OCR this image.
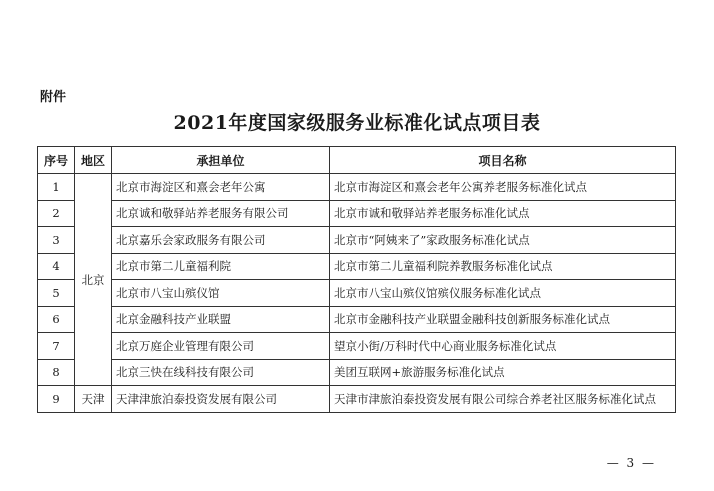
附件
2021年度国家级服务业标准化试点项目表
序号	地区	承担单位	项目名称
1	北京	北京市海淀区和熹会老年公寓	北京市海淀区和熹会老年公寓养老服务标准化试点
2		北京诚和敬驿站养老服务有限公司	北京市诚和敬驿站养老服务标准化试点
3		北京嘉乐会家政服务有限公司	北京市“阿姨来了”家政服务标准化试点
4		北京市第二儿童福利院	北京市第二儿童福利院养教服务标准化试点
5		北京市八宝山殡仪馆	北京市八宝山殡仪馆殡仪服务标准化试点
6		北京金融科技产业联盟	北京市金融科技产业联盟金融科技创新服务标准化试点
7		北京万庭企业管理有限公司	望京小街/万科时代中心商业服务标准化试点
8		北京三快在线科技有限公司	美团互联网+旅游服务标准化试点
9	天津	天津津旅泊泰投资发展有限公司	天津市津旅泊泰投资发展有限公司综合养老社区服务标准化试点
— 3 —
